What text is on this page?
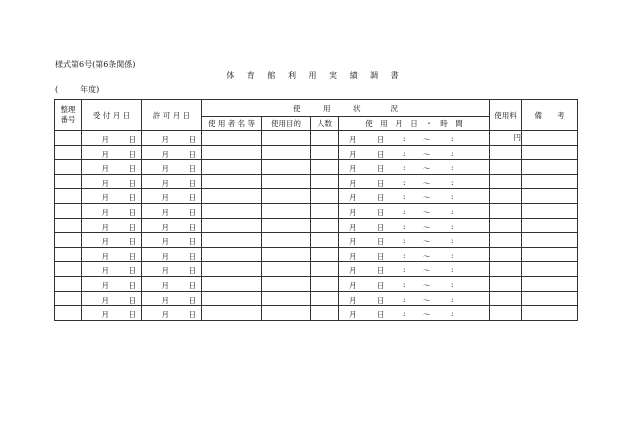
様式第6号(第6条関係)
体 育 館 利 用 実 績 調 書
(	年度)
整理
番号	受 付 月 日	許 可 月 日	使　　　用　　　状　　　　況				使用料	備　　考
			使 用 者 名 等	使用目的	人数	使　用　月　日　・　時　間		

	月 日	月 日				月 日 : ～ :	円	

	月 日	月 日				月 日 : ～ :		

	月 日	月 日				月 日 : ～ :		

	月 日	月 日				月 日 : ～ :		

	月 日	月 日				月 日 : ～ :		

	月 日	月 日				月 日 : ～ :		

	月 日	月 日				月 日 : ～ :		

	月 日	月 日				月 日 : ～ :		

	月 日	月 日				月 日 : ～ :		

	月 日	月 日				月 日 : ～ :		

	月 日	月 日				月 日 : ～ :		

	月 日	月 日				月 日 : ～ :		

	月 日	月 日				月 日 : ～ :		
